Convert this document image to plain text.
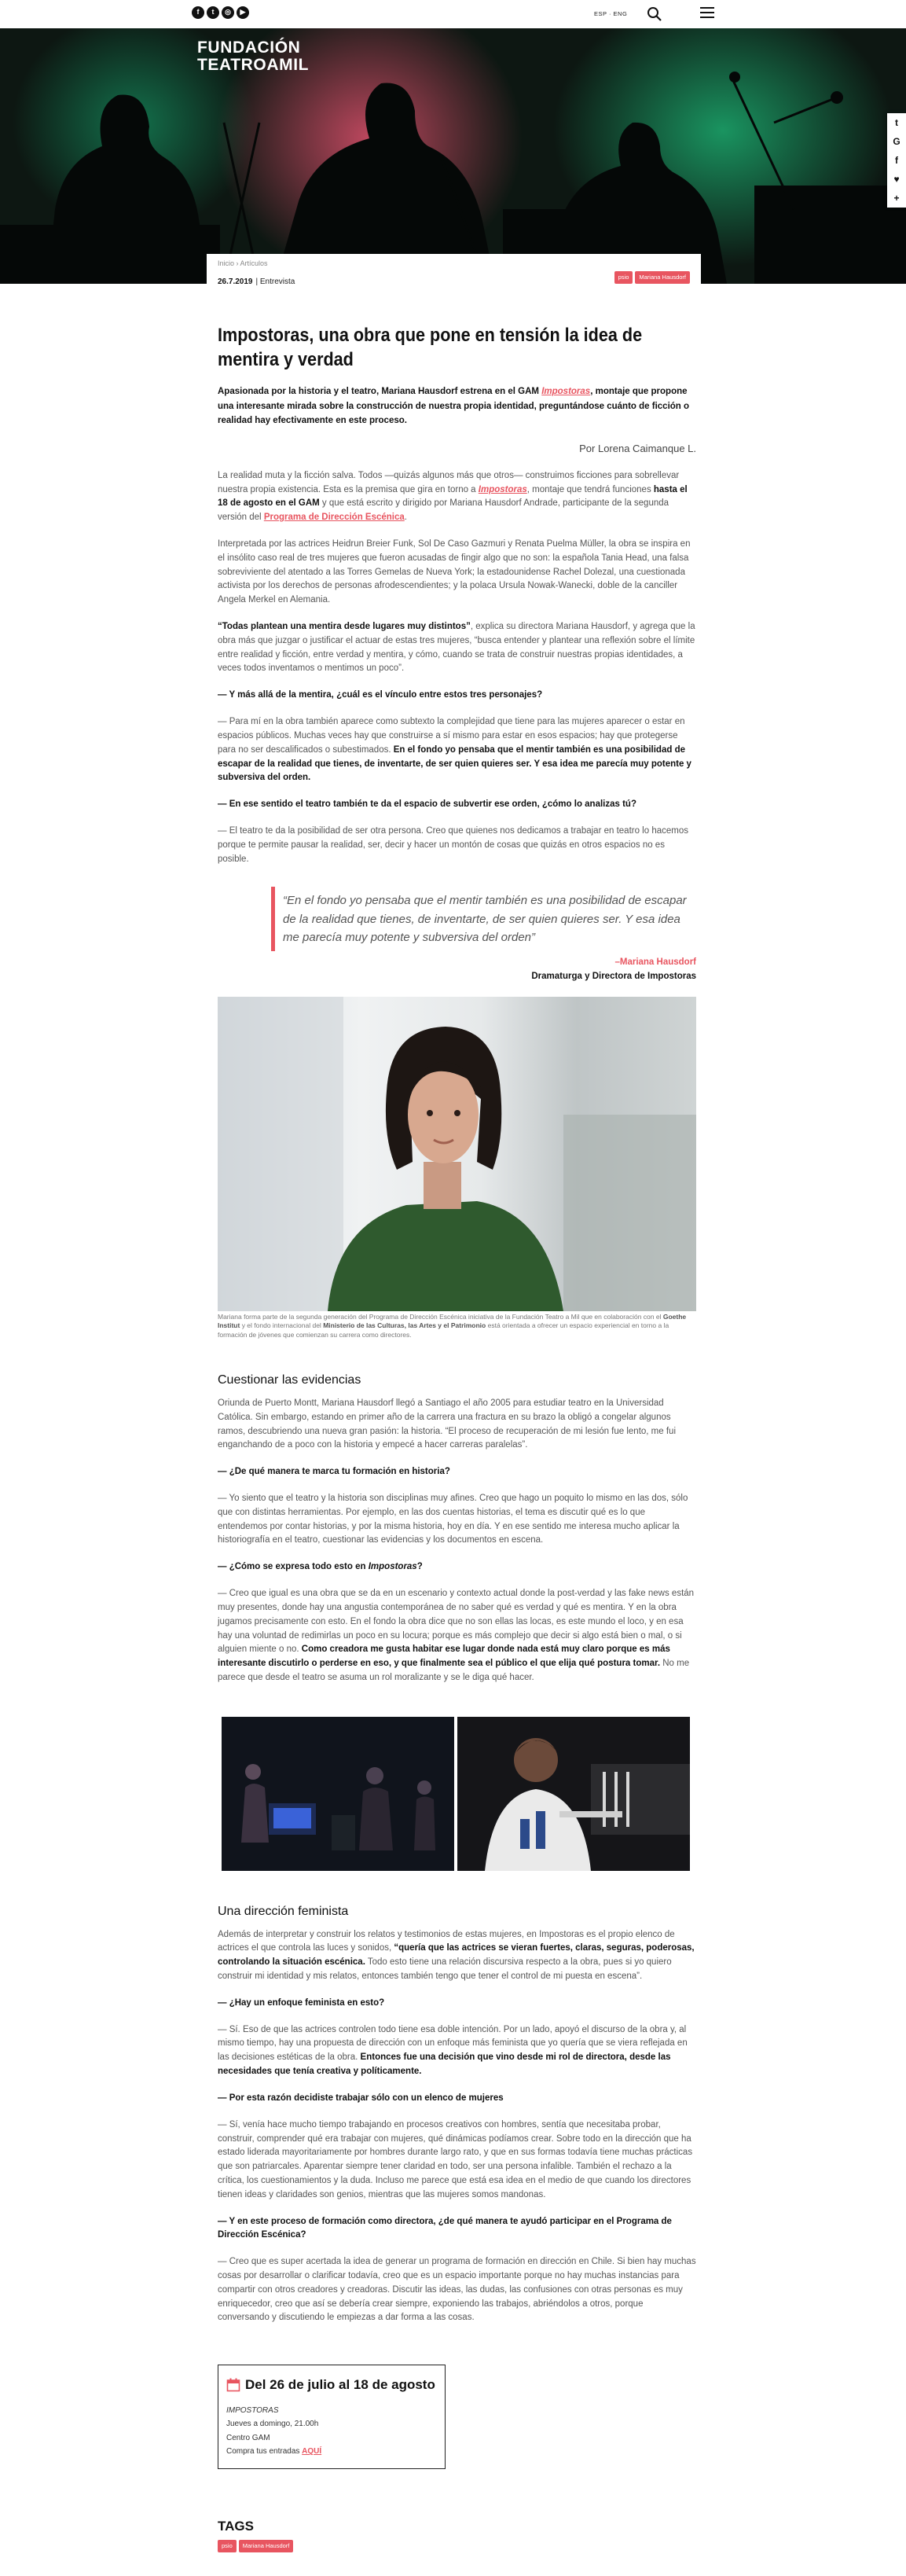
f	t	◎	▶	ESP · ENG
FUNDACIÓN
TEATROAMIL
t
G
f
♥
+
Inicio › Artículos
26.7.2019 | Entrevista
psio	Mariana Hausdorf
Impostoras, una obra que pone en tensión la idea de mentira y verdad

Apasionada por la historia y el teatro, Mariana Hausdorf estrena en el GAM Impostoras, montaje que propone una interesante mirada sobre la construcción de nuestra propia identidad, preguntándose cuánto de ficción o realidad hay efectivamente en este proceso.

Por Lorena Caimanque L.

La realidad muta y la ficción salva. Todos —quizás algunos más que otros— construimos ficciones para sobrellevar nuestra propia existencia. Esta es la premisa que gira en torno a Impostoras, montaje que tendrá funciones hasta el 18 de agosto en el GAM y que está escrito y dirigido por Mariana Hausdorf Andrade, participante de la segunda versión del Programa de Dirección Escénica.

Interpretada por las actrices Heidrun Breier Funk, Sol De Caso Gazmuri y Renata Puelma Müller, la obra se inspira en el insólito caso real de tres mujeres que fueron acusadas de fingir algo que no son: la española Tania Head, una falsa sobreviviente del atentado a las Torres Gemelas de Nueva York; la estadounidense Rachel Dolezal, una cuestionada activista por los derechos de personas afrodescendientes; y la polaca Ursula Nowak-Wanecki, doble de la canciller Angela Merkel en Alemania.

“Todas plantean una mentira desde lugares muy distintos”, explica su directora Mariana Hausdorf, y agrega que la obra más que juzgar o justificar el actuar de estas tres mujeres, “busca entender y plantear una reflexión sobre el límite entre realidad y ficción, entre verdad y mentira, y cómo, cuando se trata de construir nuestras propias identidades, a veces todos inventamos o mentimos un poco”.

— Y más allá de la mentira, ¿cuál es el vínculo entre estos tres personajes?

— Para mí en la obra también aparece como subtexto la complejidad que tiene para las mujeres aparecer o estar en espacios públicos. Muchas veces hay que construirse a sí mismo para estar en esos espacios; hay que protegerse para no ser descalificados o subestimados. En el fondo yo pensaba que el mentir también es una posibilidad de escapar de la realidad que tienes, de inventarte, de ser quien quieres ser. Y esa idea me parecía muy potente y subversiva del orden.

— En ese sentido el teatro también te da el espacio de subvertir ese orden, ¿cómo lo analizas tú?

— El teatro te da la posibilidad de ser otra persona. Creo que quienes nos dedicamos a trabajar en teatro lo hacemos porque te permite pausar la realidad, ser, decir y hacer un montón de cosas que quizás en otros espacios no es posible.

“En el fondo yo pensaba que el mentir también es una posibilidad de escapar de la realidad que tienes, de inventarte, de ser quien quieres ser. Y esa idea me parecía muy potente y subversiva del orden”
–Mariana Hausdorf
Dramaturga y Directora de Impostoras
Mariana forma parte de la segunda generación del Programa de Dirección Escénica iniciativa de la Fundación Teatro a Mil que en colaboración con el Goethe Institut y el fondo internacional del Ministerio de las Culturas, las Artes y el Patrimonio está orientada a ofrecer un espacio experiencial en torno a la formación de jóvenes que comienzan su carrera como directores.
Cuestionar las evidencias

Oriunda de Puerto Montt, Mariana Hausdorf llegó a Santiago el año 2005 para estudiar teatro en la Universidad Católica. Sin embargo, estando en primer año de la carrera una fractura en su brazo la obligó a congelar algunos ramos, descubriendo una nueva gran pasión: la historia. “El proceso de recuperación de mi lesión fue lento, me fui enganchando de a poco con la historia y empecé a hacer carreras paralelas”.

— ¿De qué manera te marca tu formación en historia?

— Yo siento que el teatro y la historia son disciplinas muy afines. Creo que hago un poquito lo mismo en las dos, sólo que con distintas herramientas. Por ejemplo, en las dos cuentas historias, el tema es discutir qué es lo que entendemos por contar historias, y por la misma historia, hoy en día. Y en ese sentido me interesa mucho aplicar la historiografía en el teatro, cuestionar las evidencias y los documentos en escena.

— ¿Cómo se expresa todo esto en Impostoras?

— Creo que igual es una obra que se da en un escenario y contexto actual donde la post-verdad y las fake news están muy presentes, donde hay una angustia contemporánea de no saber qué es verdad y qué es mentira. Y en la obra jugamos precisamente con esto. En el fondo la obra dice que no son ellas las locas, es este mundo el loco, y en esa hay una voluntad de redimirlas un poco en su locura; porque es más complejo que decir si algo está bien o mal, o si alguien miente o no. Como creadora me gusta habitar ese lugar donde nada está muy claro porque es más interesante discutirlo o perderse en eso, y que finalmente sea el público el que elija qué postura tomar. No me parece que desde el teatro se asuma un rol moralizante y se le diga qué hacer.

Una dirección feminista

Además de interpretar y construir los relatos y testimonios de estas mujeres, en Impostoras es el propio elenco de actrices el que controla las luces y sonidos, “quería que las actrices se vieran fuertes, claras, seguras, poderosas, controlando la situación escénica. Todo esto tiene una relación discursiva respecto a la obra, pues si yo quiero construir mi identidad y mis relatos, entonces también tengo que tener el control de mi puesta en escena”.

— ¿Hay un enfoque feminista en esto?

— Sí. Eso de que las actrices controlen todo tiene esa doble intención. Por un lado, apoyó el discurso de la obra y, al mismo tiempo, hay una propuesta de dirección con un enfoque más feminista que yo quería que se viera reflejada en las decisiones estéticas de la obra. Entonces fue una decisión que vino desde mi rol de directora, desde las necesidades que tenía creativa y políticamente.

— Por esta razón decidiste trabajar sólo con un elenco de mujeres

— Sí, venía hace mucho tiempo trabajando en procesos creativos con hombres, sentía que necesitaba probar, construir, comprender qué era trabajar con mujeres, qué dinámicas podíamos crear. Sobre todo en la dirección que ha estado liderada mayoritariamente por hombres durante largo rato, y que en sus formas todavía tiene muchas prácticas que son patriarcales. Aparentar siempre tener claridad en todo, ser una persona infalible. También el rechazo a la crítica, los cuestionamientos y la duda. Incluso me parece que está esa idea en el medio de que cuando los directores tienen ideas y claridades son genios, mientras que las mujeres somos mandonas.

— Y en este proceso de formación como directora, ¿de qué manera te ayudó participar en el Programa de Dirección Escénica?

— Creo que es super acertada la idea de generar un programa de formación en dirección en Chile. Si bien hay muchas cosas por desarrollar o clarificar todavía, creo que es un espacio importante porque no hay muchas instancias para compartir con otros creadores y creadoras. Discutir las ideas, las dudas, las confusiones con otras personas es muy enriquecedor, creo que así se debería crear siempre, exponiendo las trabajos, abriéndolos a otros, porque conversando y discutiendo le empiezas a dar forma a las cosas.

Del 26 de julio al 18 de agosto
IMPOSTORAS
Jueves a domingo, 21.00h
Centro GAM
Compra tus entradas AQUÍ
TAGS
psio	Mariana Hausdorf
